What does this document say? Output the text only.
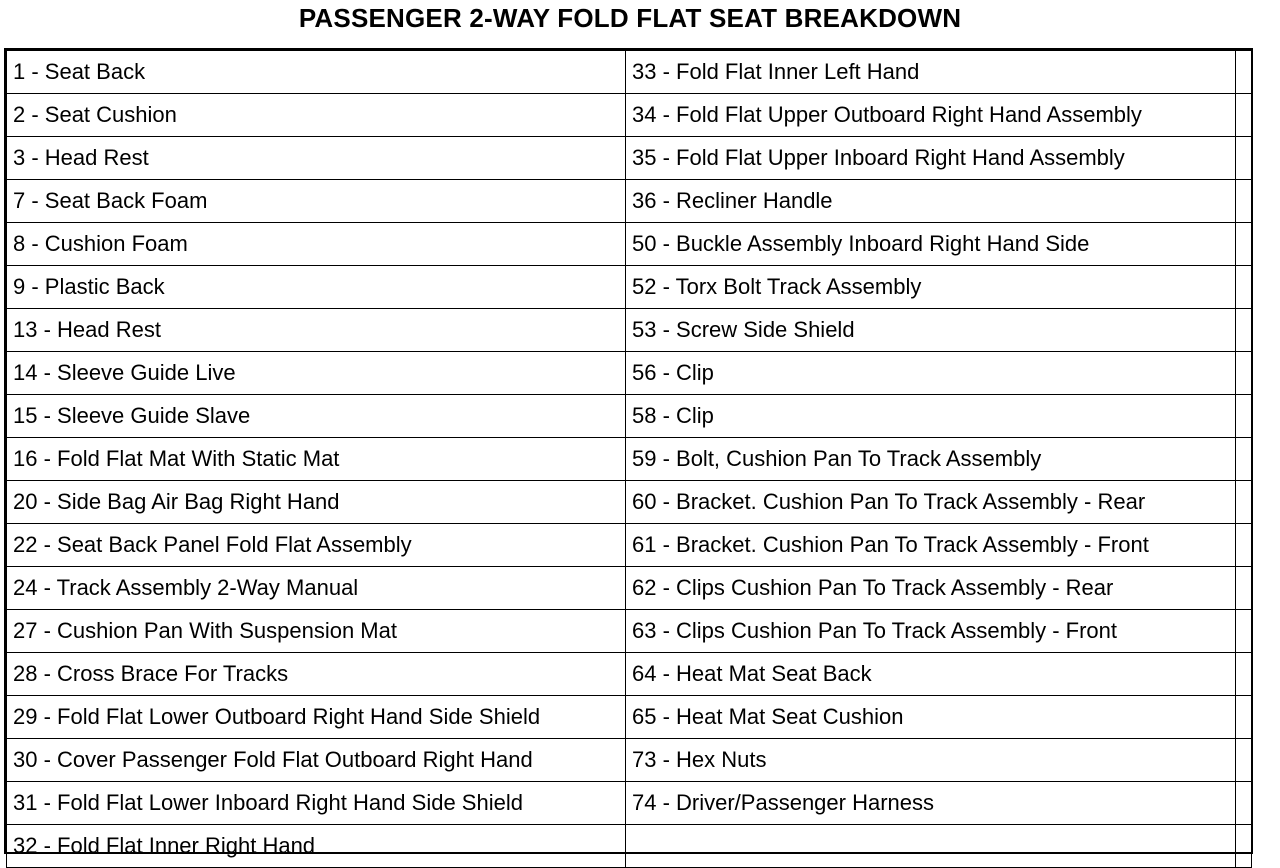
PASSENGER 2-WAY FOLD FLAT SEAT BREAKDOWN
1 - Seat Back	33 - Fold Flat Inner Left Hand	
2 - Seat Cushion	34 - Fold Flat Upper Outboard Right Hand Assembly	
3 - Head Rest	35 - Fold Flat Upper Inboard Right Hand Assembly	
7 - Seat Back Foam	36 - Recliner Handle	
8 - Cushion Foam	50 - Buckle Assembly Inboard Right Hand Side	
9 - Plastic Back	52 - Torx Bolt Track Assembly	
13 - Head Rest	53 - Screw Side Shield	
14 - Sleeve Guide Live	56 - Clip	
15 - Sleeve Guide Slave	58 - Clip	
16 - Fold Flat Mat With Static Mat	59 - Bolt, Cushion Pan To Track Assembly	
20 - Side Bag Air Bag Right Hand	60 - Bracket. Cushion Pan To Track Assembly - Rear	
22 - Seat Back Panel Fold Flat Assembly	61 - Bracket. Cushion Pan To Track Assembly - Front	
24 - Track Assembly 2-Way Manual	62 - Clips Cushion Pan To Track Assembly - Rear	
27 - Cushion Pan With Suspension Mat	63 - Clips Cushion Pan To Track Assembly - Front	
28 - Cross Brace For Tracks	64 - Heat Mat Seat Back	
29 - Fold Flat Lower Outboard Right Hand Side Shield	65 - Heat Mat Seat Cushion	
30 - Cover Passenger Fold Flat Outboard Right Hand	73 - Hex Nuts	
31 - Fold Flat Lower Inboard Right Hand Side Shield	74 - Driver/Passenger Harness	
32 - Fold Flat Inner Right Hand		
